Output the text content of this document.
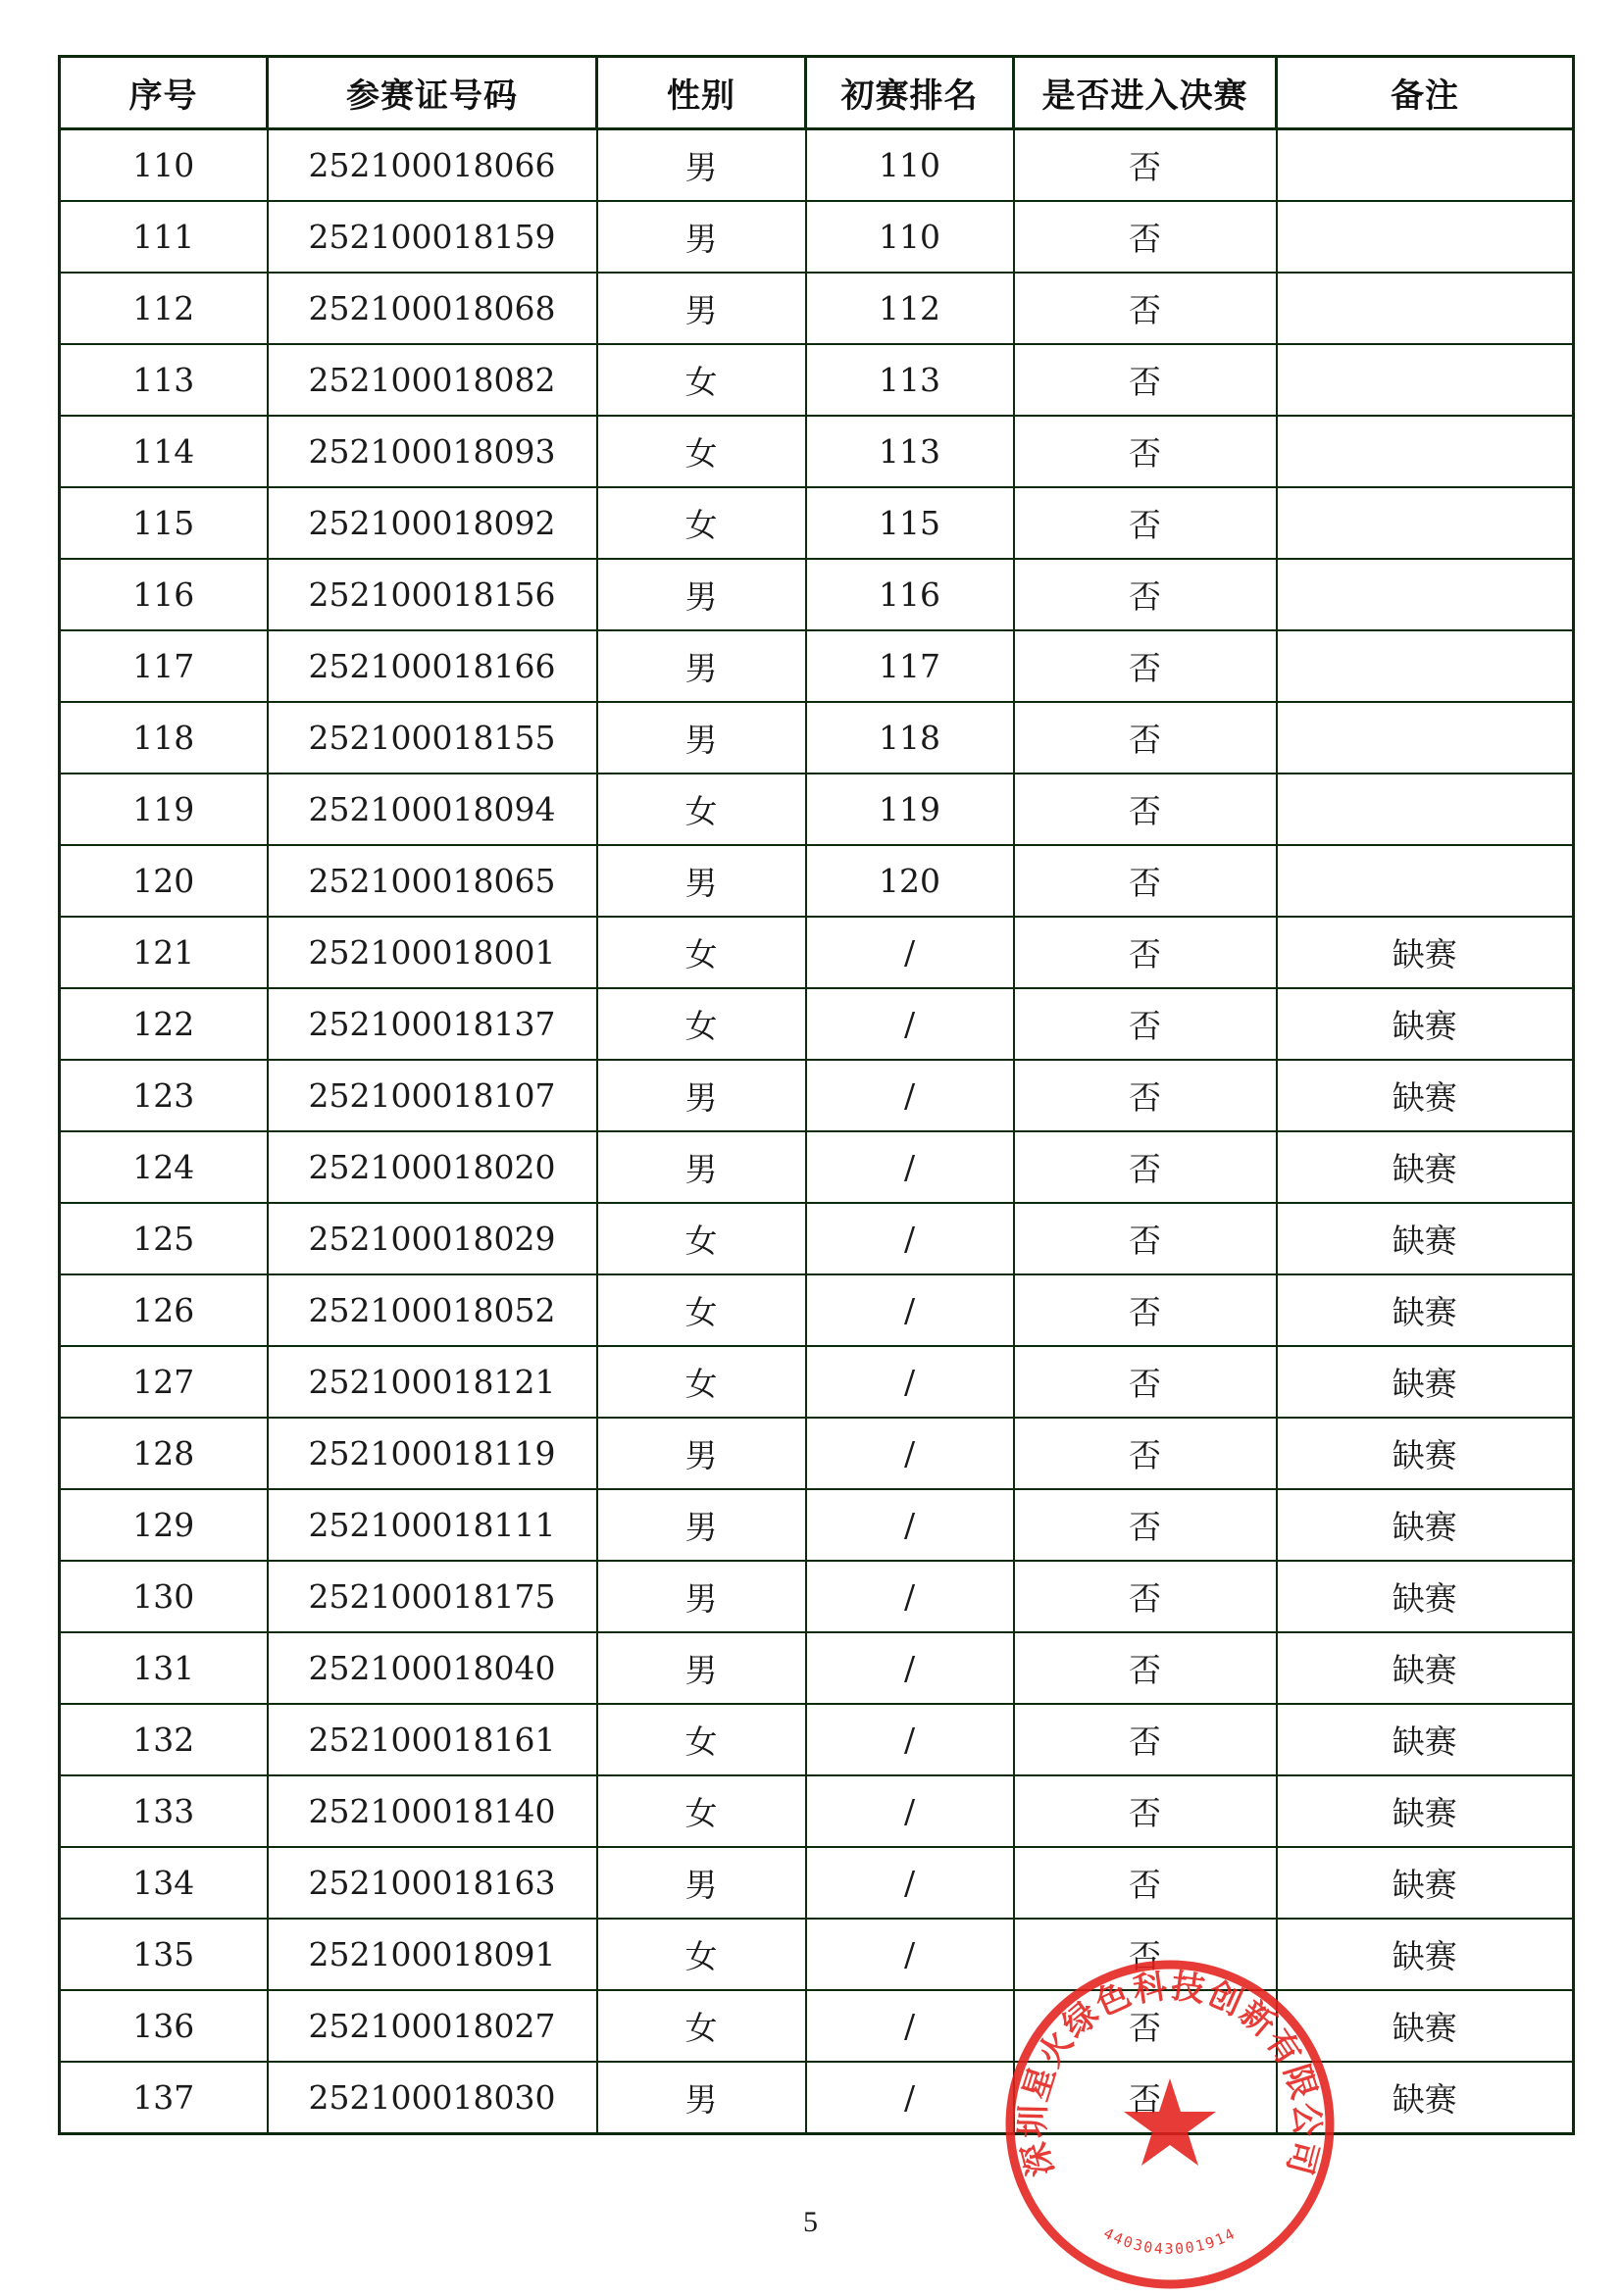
序号	参赛证号码	性别	初赛排名	是否进入决赛	备注
110	252100018066	男	110	否	
111	252100018159	男	110	否	
112	252100018068	男	112	否	
113	252100018082	女	113	否	
114	252100018093	女	113	否	
115	252100018092	女	115	否	
116	252100018156	男	116	否	
117	252100018166	男	117	否	
118	252100018155	男	118	否	
119	252100018094	女	119	否	
120	252100018065	男	120	否	
121	252100018001	女	/	否	缺赛
122	252100018137	女	/	否	缺赛
123	252100018107	男	/	否	缺赛
124	252100018020	男	/	否	缺赛
125	252100018029	女	/	否	缺赛
126	252100018052	女	/	否	缺赛
127	252100018121	女	/	否	缺赛
128	252100018119	男	/	否	缺赛
129	252100018111	男	/	否	缺赛
130	252100018175	男	/	否	缺赛
131	252100018040	男	/	否	缺赛
132	252100018161	女	/	否	缺赛
133	252100018140	女	/	否	缺赛
134	252100018163	男	/	否	缺赛
135	252100018091	女	/	否	缺赛
136	252100018027	女	/	否	缺赛
137	252100018030	男	/	否	缺赛
5
深圳星火绿色科技创新有限公司
4403043001914
